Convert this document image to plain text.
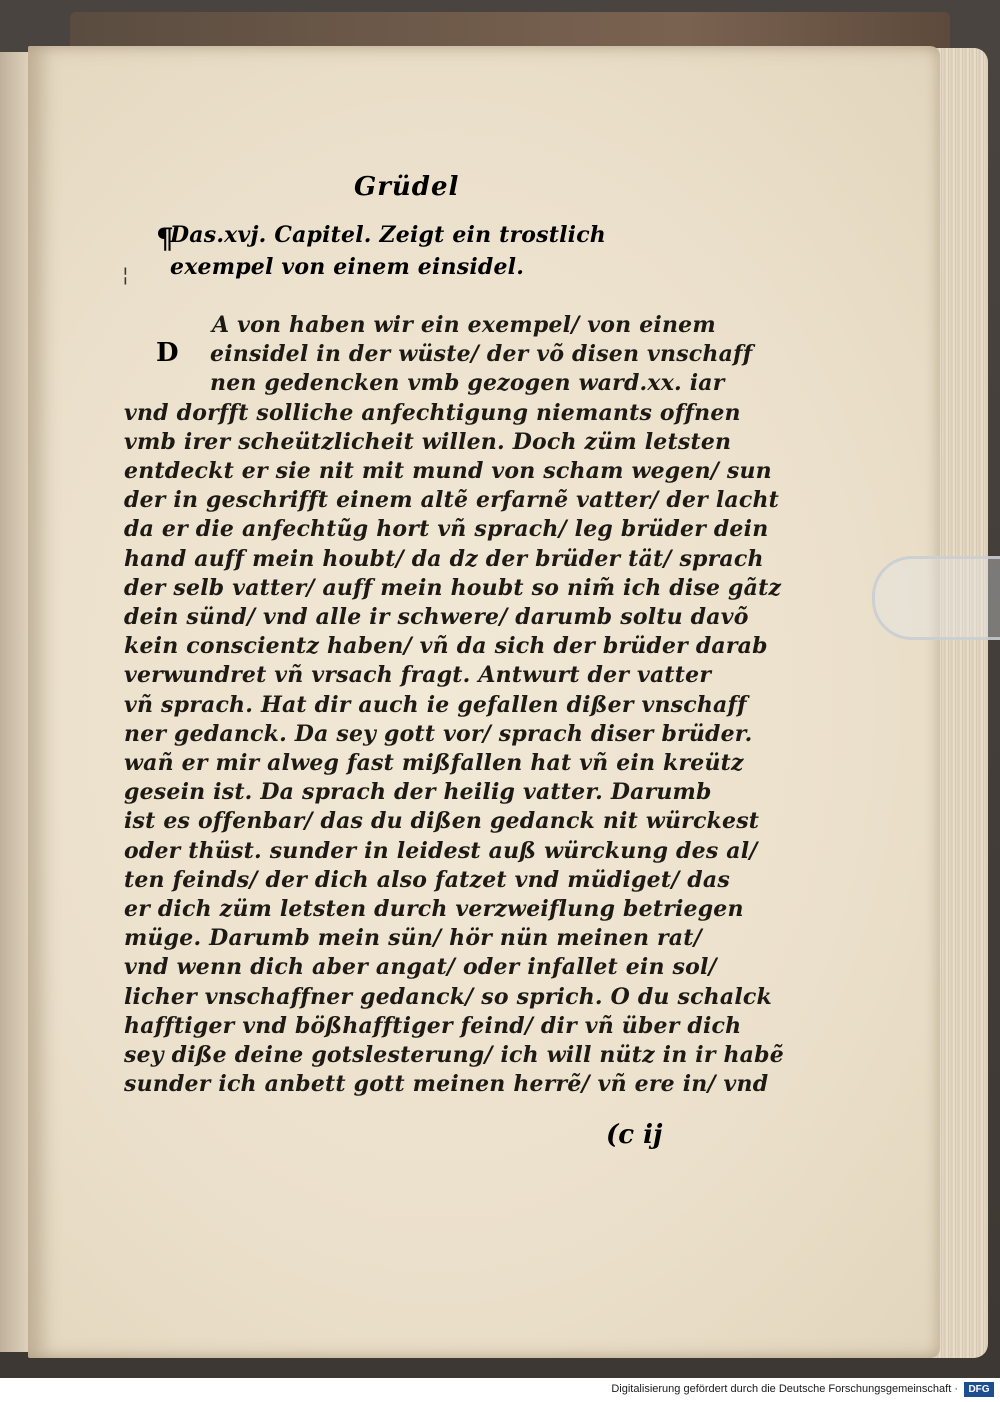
Grüdel
¶
Das.xvj. Capitel. Zeigt ein trostlich
exempel von einem einsidel.
¦
D
A von haben wir ein exempel/ von einem
einsidel in der wüste/ der võ disen vnschaff
nen gedencken vmb gezogen ward.xx. iar
vnd dorfft solliche anfechtigung niemants offnen
vmb irer scheützlicheit willen. Doch züm letsten
entdeckt er sie nit mit mund von scham wegen/ sun
der in geschrifft einem altẽ erfarnẽ vatter/ der lacht
da er die anfechtũg hort vñ sprach/ leg brüder dein
hand auff mein houbt/ da dz der brüder tät/ sprach
der selb vatter/ auff mein houbt so nim̃ ich dise gãtz
dein sünd/ vnd alle ir schwere/ darumb soltu davõ
kein conscientz haben/ vñ da sich der brüder darab
verwundret vñ vrsach fragt. Antwurt der vatter
vñ sprach. Hat dir auch ie gefallen dißer vnschaff
ner gedanck. Da sey gott vor/ sprach diser brüder.
wañ er mir alweg fast mißfallen hat vñ ein kreütz
gesein ist. Da sprach der heilig vatter. Darumb
ist es offenbar/ das du dißen gedanck nit würckest
oder thüst. sunder in leidest auß würckung des al/
ten feinds/ der dich also fatzet vnd müdiget/ das
er dich züm letsten durch verzweiflung betriegen
müge. Darumb mein sün/ hör nün meinen rat/
vnd wenn dich aber angat/ oder infallet ein sol/
licher vnschaffner gedanck/ so sprich. O du schalck
hafftiger vnd bößhafftiger feind/ dir vñ über dich
sey diße deine gotslesterung/ ich will nütz in ir habẽ
sunder ich anbett gott meinen herrẽ/ vñ ere in/ vnd
(c ij
Digitalisierung gefördert durch die Deutsche Forschungsgemeinschaft ·	DFG
